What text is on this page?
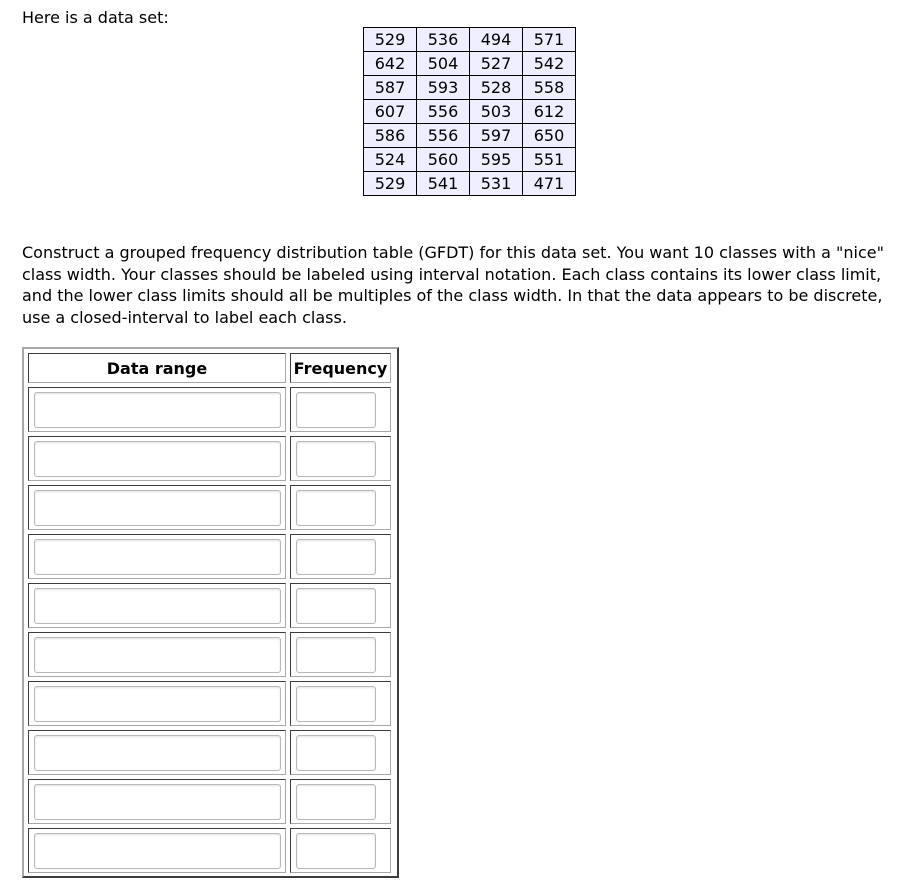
Here is a data set:

529	536	494	571
642	504	527	542
587	593	528	558
607	556	503	612
586	556	597	650
524	560	595	551
529	541	531	471

Construct a grouped frequency distribution table (GFDT) for this data set. You want 10 classes with a "nice" class width. Your classes should be labeled using interval notation. Each class contains its lower class limit, and the lower class limits should all be multiples of the class width. In that the data appears to be discrete, use a closed-interval to label each class.

Data range	Frequency
